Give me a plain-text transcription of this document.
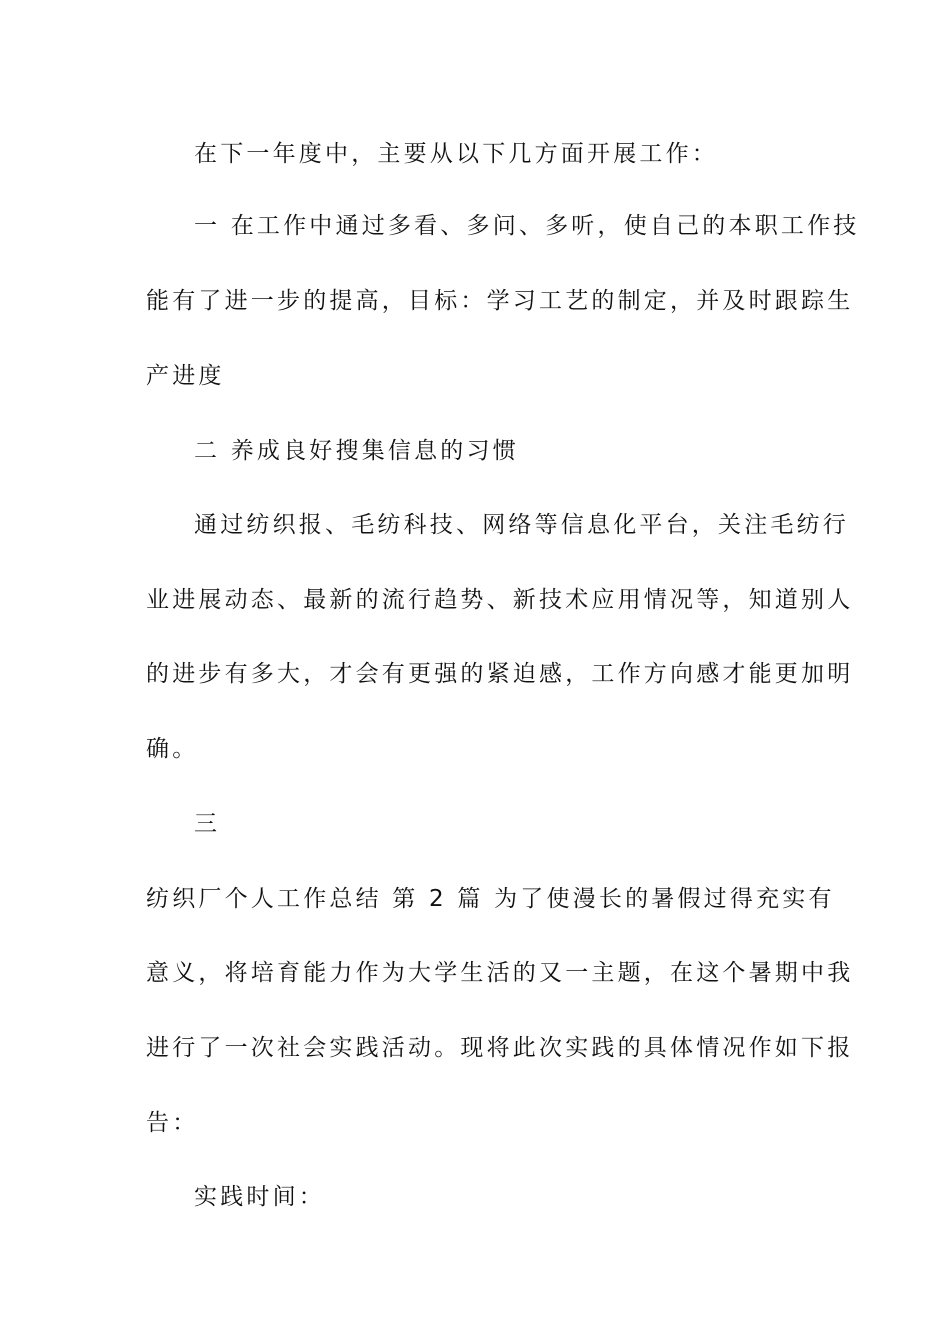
在下一年度中，主要从以下几方面开展工作：

一 在工作中通过多看、多问、多听，使自己的本职工作技

能有了进一步的提高，目标：学习工艺的制定，并及时跟踪生

产进度

二 养成良好搜集信息的习惯

通过纺织报、毛纺科技、网络等信息化平台，关注毛纺行

业进展动态、最新的流行趋势、新技术应用情况等，知道别人

的进步有多大，才会有更强的紧迫感，工作方向感才能更加明

确。

三

纺织厂个人工作总结 第 2 篇 为了使漫长的暑假过得充实有

意义，将培育能力作为大学生活的又一主题，在这个暑期中我

进行了一次社会实践活动。现将此次实践的具体情况作如下报

告：

实践时间：
